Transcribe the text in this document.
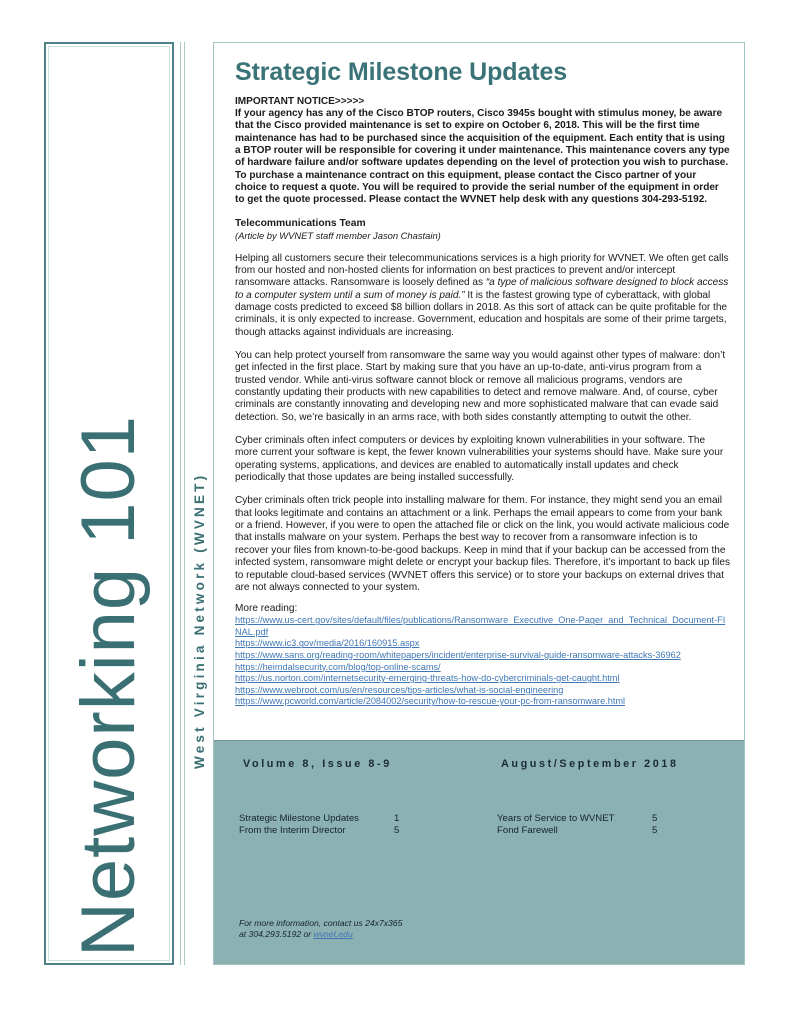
Networking 101	West Virginia Network (WVNET)
Strategic Milestone Updates
IMPORTANT NOTICE>>>>>
If your agency has any of the Cisco BTOP routers, Cisco 3945s bought with stimulus money, be aware that the Cisco provided maintenance is set to expire on October 6, 2018. This will be the first time maintenance has had to be purchased since the acquisition of the equipment. Each entity that is using a BTOP router will be responsible for covering it under maintenance. This maintenance covers any type of hardware failure and/or software updates depending on the level of protection you wish to purchase. To purchase a maintenance contract on this equipment, please contact the Cisco partner of your choice to request a quote. You will be required to provide the serial number of the equipment in order to get the quote processed. Please contact the WVNET help desk with any questions 304-293-5192.
Telecommunications Team
(Article by WVNET staff member Jason Chastain)

Helping all customers secure their telecommunications services is a high priority for WVNET. We often get calls from our hosted and non-hosted clients for information on best practices to prevent and/or intercept ransomware attacks. Ransomware is loosely defined as “a type of malicious software designed to block access to a computer system until a sum of money is paid.” It is the fastest growing type of cyberattack, with global damage costs predicted to exceed $8 billion dollars in 2018. As this sort of attack can be quite profitable for the criminals, it is only expected to increase. Government, education and hospitals are some of their prime targets, though attacks against individuals are increasing.

You can help protect yourself from ransomware the same way you would against other types of malware: don’t get infected in the first place. Start by making sure that you have an up-to-date, anti-virus program from a trusted vendor. While anti-virus software cannot block or remove all malicious programs, vendors are constantly updating their products with new capabilities to detect and remove malware. And, of course, cyber criminals are constantly innovating and developing new and more sophisticated malware that can evade said detection. So, we’re basically in an arms race, with both sides constantly attempting to outwit the other.

Cyber criminals often infect computers or devices by exploiting known vulnerabilities in your software. The more current your software is kept, the fewer known vulnerabilities your systems should have. Make sure your operating systems, applications, and devices are enabled to automatically install updates and check periodically that those updates are being installed successfully.

Cyber criminals often trick people into installing malware for them. For instance, they might send you an email that looks legitimate and contains an attachment or a link. Perhaps the email appears to come from your bank or a friend. However, if you were to open the attached file or click on the link, you would activate malicious code that installs malware on your system. Perhaps the best way to recover from a ransomware infection is to recover your files from known-to-be-good backups. Keep in mind that if your backup can be accessed from the infected system, ransomware might delete or encrypt your backup files. Therefore, it’s important to back up files to reputable cloud-based services (WVNET offers this service) or to store your backups on external drives that are not always connected to your system.

More reading:
https://www.us-cert.gov/sites/default/files/publications/Ransomware_Executive_One-Pager_and_Technical_Document-FINAL.pdf
https://www.ic3.gov/media/2016/160915.aspx
https://www.sans.org/reading-room/whitepapers/incident/enterprise-survival-guide-ransomware-attacks-36962
https://heimdalsecurity.com/blog/top-online-scams/
https://us.norton.com/internetsecurity-emerging-threats-how-do-cybercriminals-get-caught.html
https://www.webroot.com/us/en/resources/tips-articles/what-is-social-engineering
https://www.pcworld.com/article/2084002/security/how-to-rescue-your-pc-from-ransomware.html
Volume 8, Issue 8-9	August/September 2018
Strategic Milestone Updates	1
From the Interim Director	5
Years of Service to WVNET	5
Fond Farewell	5
For more information, contact us 24x7x365
at 304.293.5192 or wvnet.edu
